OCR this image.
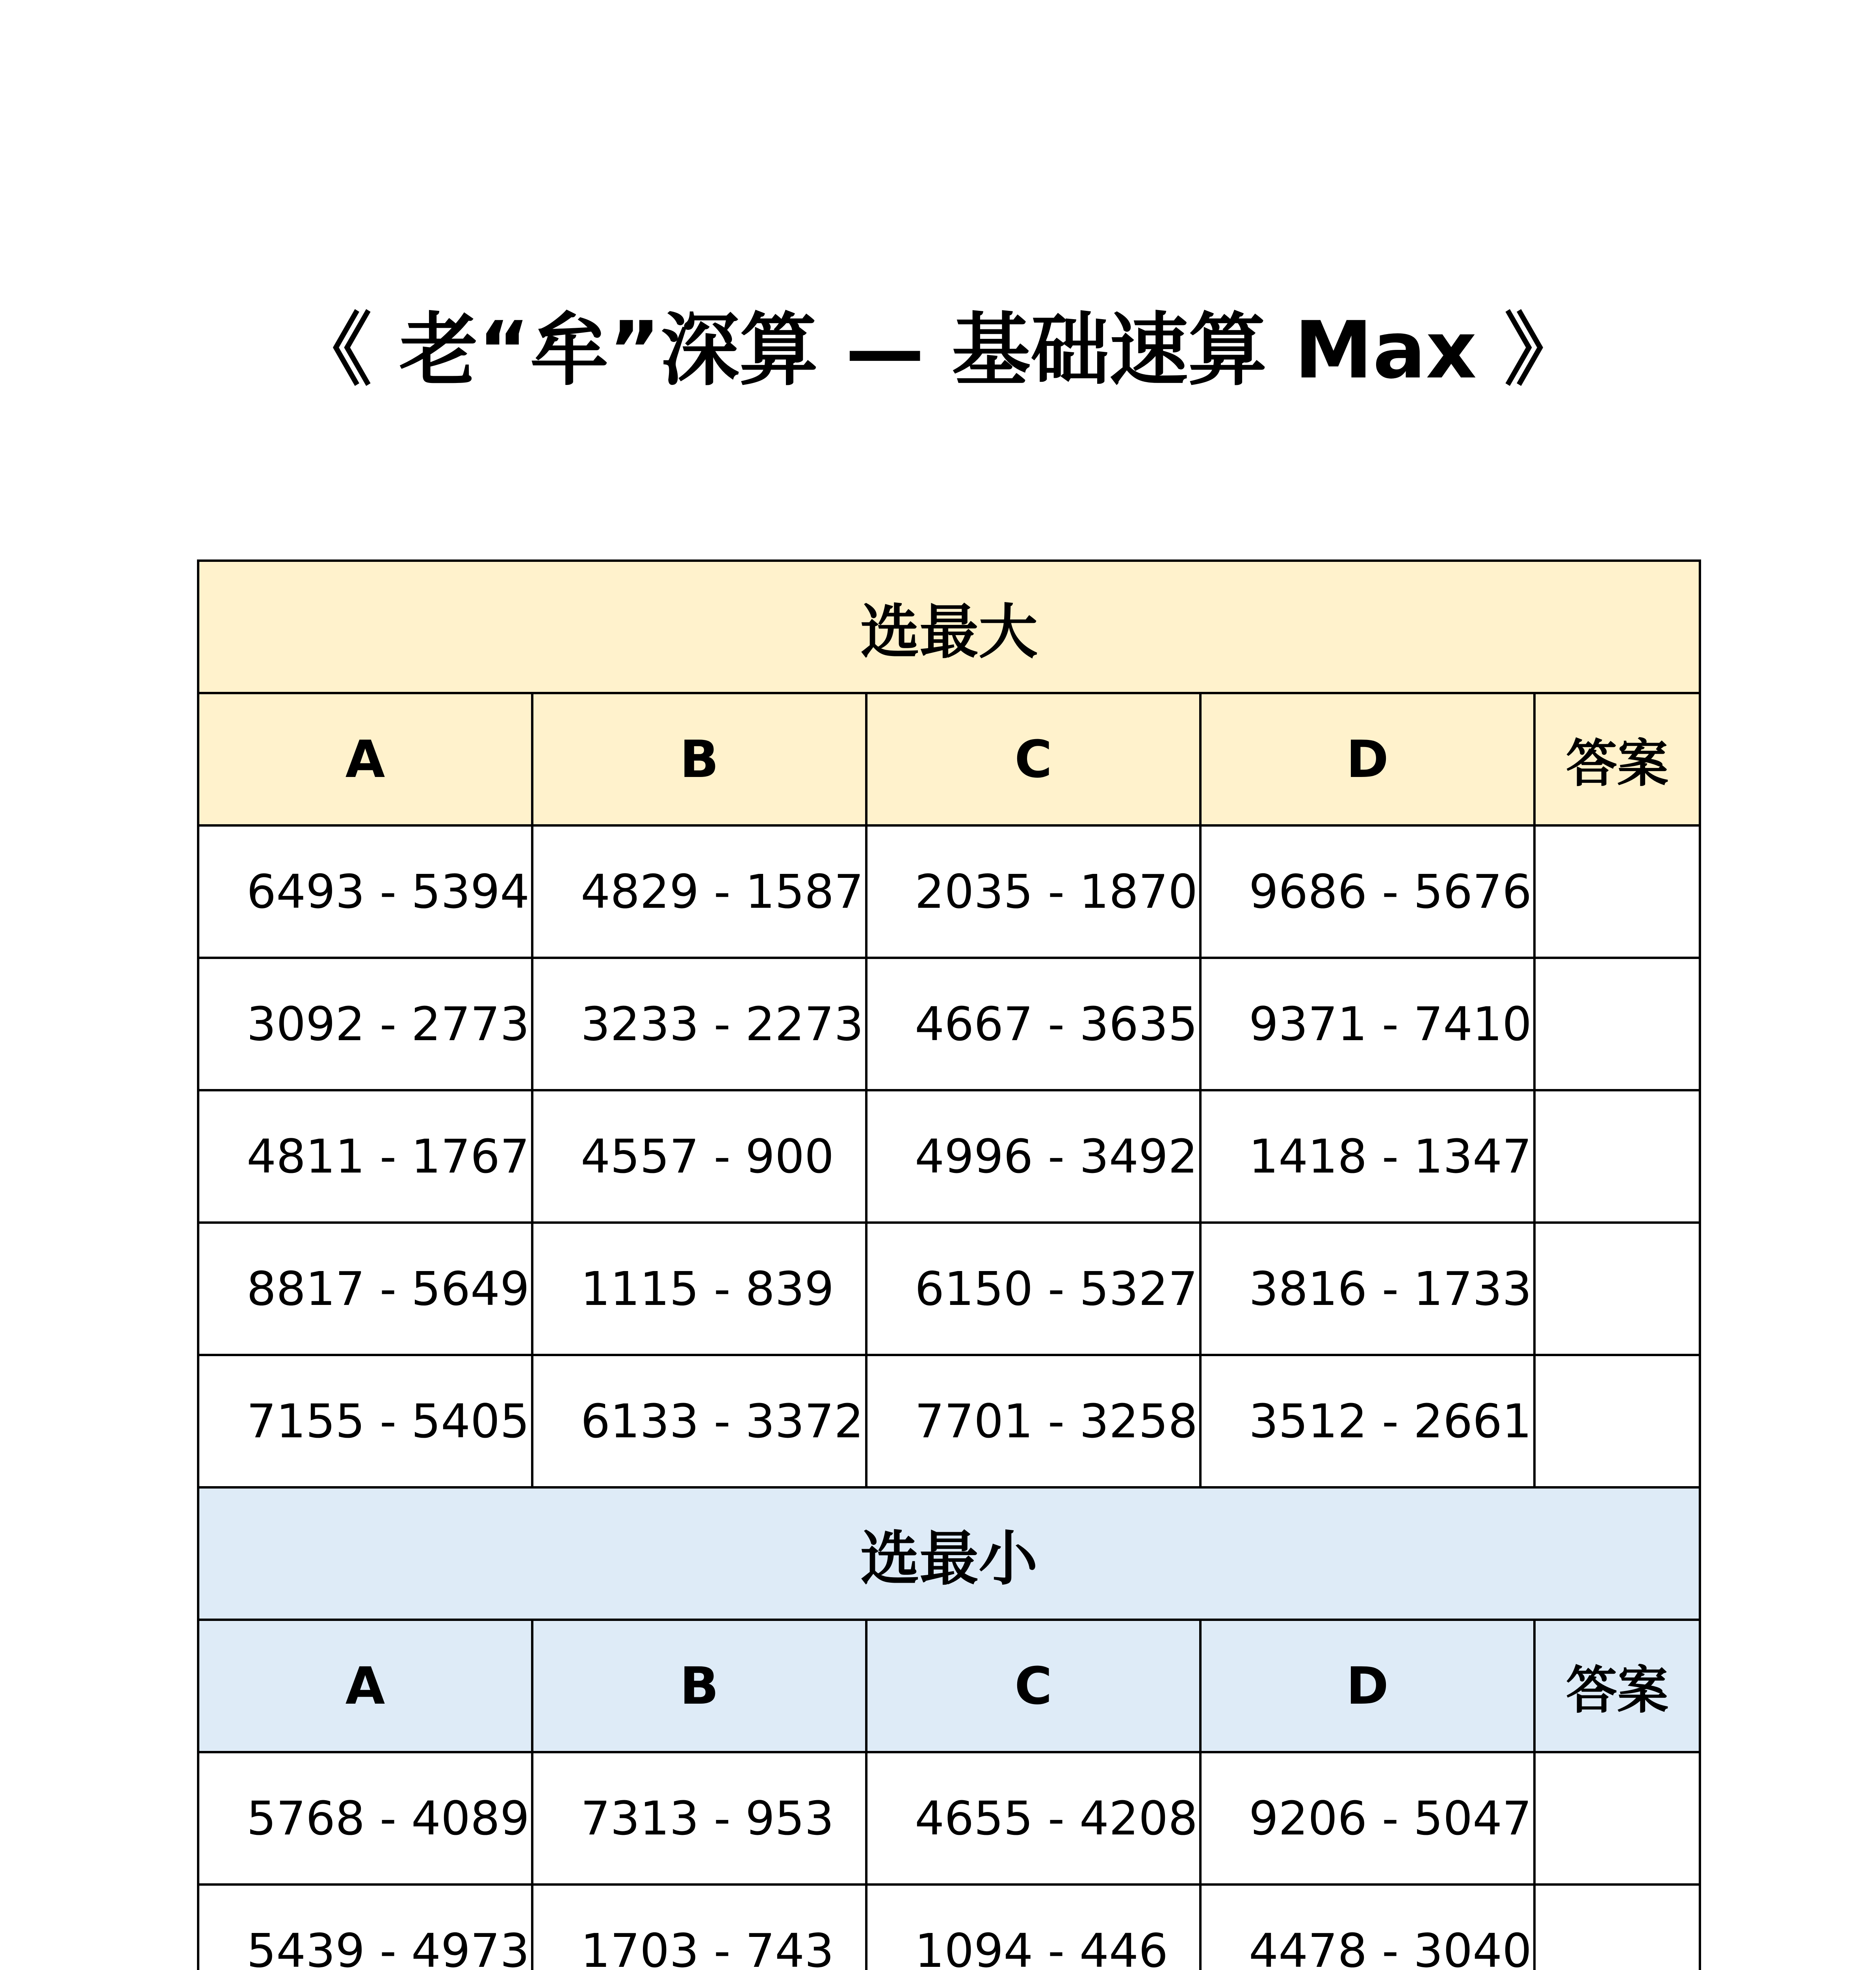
《 老“牟”深算 — 基础速算 Max 》
选最大				
A	B	C	D	答案
6493 - 5394	4829 - 1587	2035 - 1870	9686 - 5676	
3092 - 2773	3233 - 2273	4667 - 3635	9371 - 7410	
4811 - 1767	4557 - 900	4996 - 3492	1418 - 1347	
8817 - 5649	1115 - 839	6150 - 5327	3816 - 1733	
7155 - 5405	6133 - 3372	7701 - 3258	3512 - 2661	
选最小				
A	B	C	D	答案
5768 - 4089	7313 - 953	4655 - 4208	9206 - 5047	
5439 - 4973	1703 - 743	1094 - 446	4478 - 3040	
